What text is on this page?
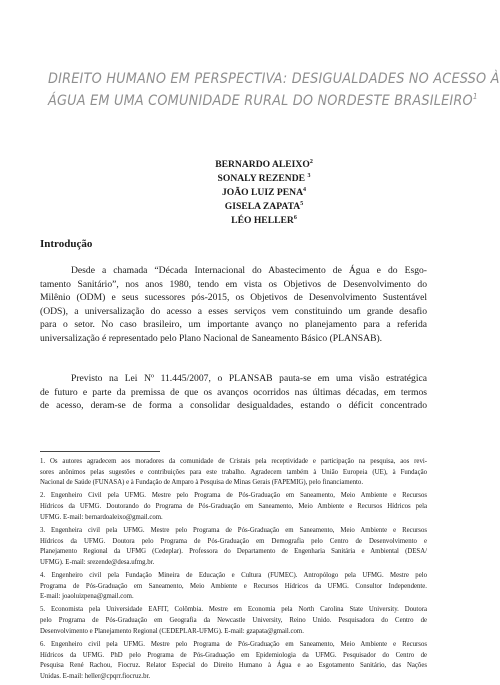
DIREITO HUMANO EM PERSPECTIVA: DESIGUALDADES NO ACESSO À
ÁGUA EM UMA COMUNIDADE RURAL DO NORDESTE BRASILEIRO$^1$
BERNARDO ALEIXO$^2$
SONALY REZENDE $^3$
JOÃO LUIZ PENA$^4$
GISELA ZAPATA$^5$
LÉO HELLER$^6$
Introdução
Desde a chamada “Década Internacional do Abastecimento de Água e do Esgo-
tamento Sanitário”, nos anos 1980, tendo em vista os Objetivos de Desenvolvimento do
Milênio (ODM) e seus sucessores pós-2015, os Objetivos de Desenvolvimento Sustentável
(ODS), a universalização do acesso a esses serviços vem constituindo um grande desafio
para o setor. No caso brasileiro, um importante avanço no planejamento para a referida
universalização é representado pelo Plano Nacional de Saneamento Básico (PLANSAB).
Previsto na Lei Nº 11.445/2007, o PLANSAB pauta-se em uma visão estratégica
de futuro e parte da premissa de que os avanços ocorridos nas últimas décadas, em termos
de acesso, deram-se de forma a consolidar desigualdades, estando o déficit concentrado
1. Os autores agradecem aos moradores da comunidade de Cristais pela receptividade e participação na pesquisa, aos revi-
sores anônimos pelas sugestões e contribuições para este trabalho. Agradecem também à União Europeia (UE), à Fundação
Nacional de Saúde (FUNASA) e à Fundação de Amparo à Pesquisa de Minas Gerais (FAPEMIG), pelo financiamento.
2. Engenheiro Civil pela UFMG. Mestre pelo Programa de Pós-Graduação em Saneamento, Meio Ambiente e Recursos
Hídricos da UFMG. Doutorando do Programa de Pós-Graduação em Saneamento, Meio Ambiente e Recursos Hídricos pela
UFMG. E-mail: bernardoaleixo@gmail.com.
3. Engenheira civil pela UFMG. Mestre pelo Programa de Pós-Graduação em Saneamento, Meio Ambiente e Recursos
Hídricos da UFMG. Doutora pelo Programa de Pós-Graduação em Demografia pelo Centro de Desenvolvimento e
Planejamento Regional da UFMG (Cedeplar). Professora do Departamento de Engenharia Sanitária e Ambiental (DESA/
UFMG). E-mail: srezende@desa.ufmg.br.
4. Engenheiro civil pela Fundação Mineira de Educação e Cultura (FUMEC). Antropólogo pela UFMG. Mestre pelo
Programa de Pós-Graduação em Saneamento, Meio Ambiente e Recursos Hídricos da UFMG. Consultor Independente.
E-mail: joaoluizpena@gmail.com.
5. Economista pela Universidade EAFIT, Colômbia. Mestre em Economia pela North Carolina State University. Doutora
pelo Programa de Pós-Graduação em Geografia da Newcastle University, Reino Unido. Pesquisadora do Centro de
Desenvolvimento e Planejamento Regional (CEDEPLAR-UFMG). E-mail: gzapata@gmail.com.
6. Engenheiro civil pela UFMG. Mestre pelo Programa de Pós-Graduação em Saneamento, Meio Ambiente e Recursos
Hídricos da UFMG. PhD pelo Programa de Pós-Graduação em Epidemiologia da UFMG. Pesquisador do Centro de
Pesquisa René Rachou, Fiocruz. Relator Especial do Direito Humano à Água e ao Esgotamento Sanitário, das Nações
Unidas. E-mail: heller@cpqrr.fiocruz.br.
